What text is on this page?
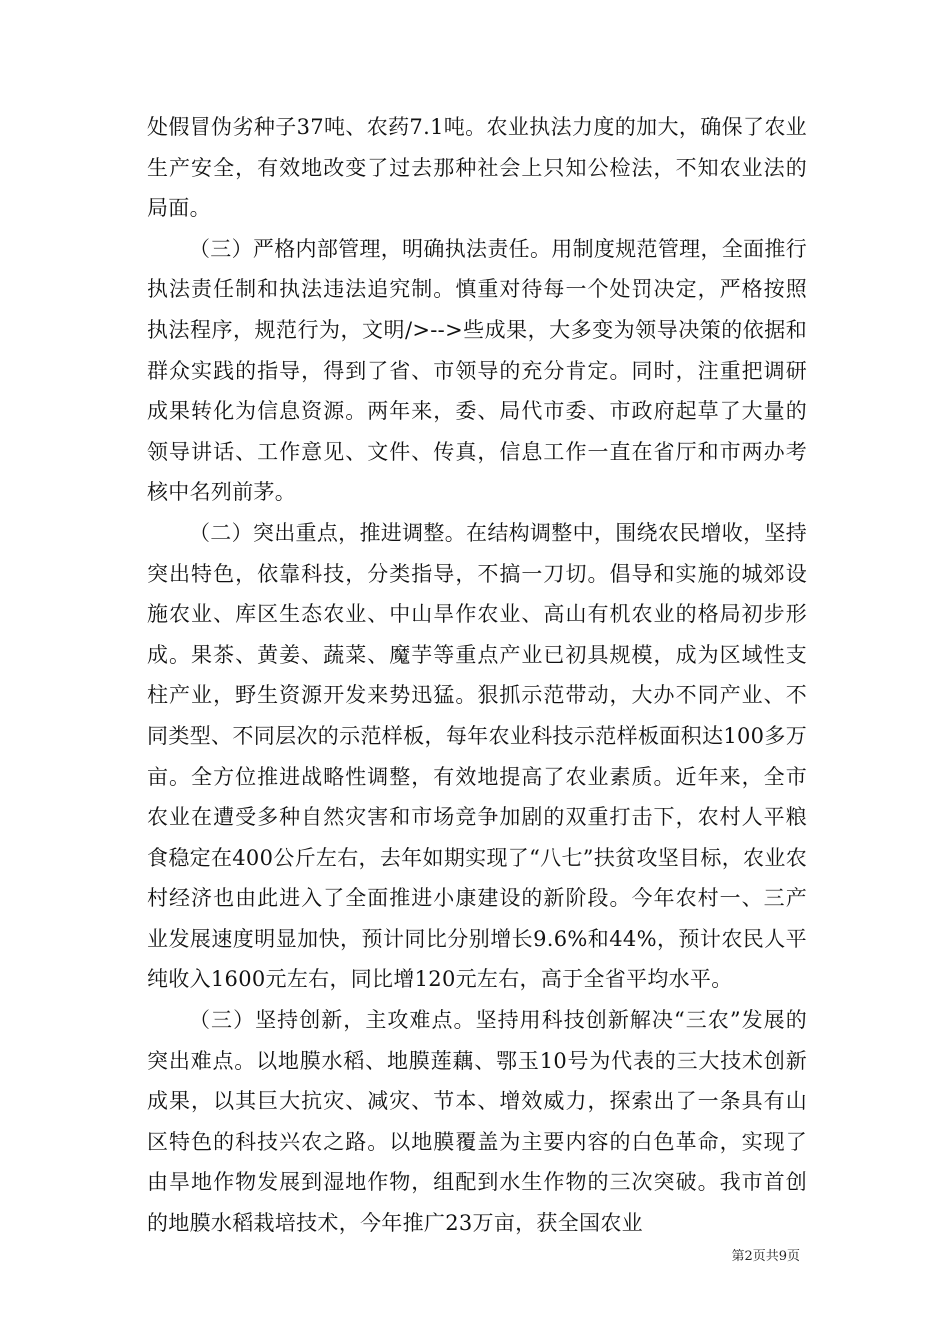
处假冒伪劣种子37吨、农药7.1吨。农业执法力度的加大，确保了农业生产安全，有效地改变了过去那种社会上只知公检法，不知农业法的局面。

（三）严格内部管理，明确执法责任。用制度规范管理，全面推行执法责任制和执法违法追究制。慎重对待每一个处罚决定，严格按照执法程序，规范行为，文明/>-->些成果，大多变为领导决策的依据和群众实践的指导，得到了省、市领导的充分肯定。同时，注重把调研成果转化为信息资源。两年来，委、局代市委、市政府起草了大量的领导讲话、工作意见、文件、传真，信息工作一直在省厅和市两办考核中名列前茅。

（二）突出重点，推进调整。在结构调整中，围绕农民增收，坚持突出特色，依靠科技，分类指导，不搞一刀切。倡导和实施的城郊设施农业、库区生态农业、中山旱作农业、高山有机农业的格局初步形成。果茶、黄姜、蔬菜、魔芋等重点产业已初具规模，成为区域性支柱产业，野生资源开发来势迅猛。狠抓示范带动，大办不同产业、不同类型、不同层次的示范样板，每年农业科技示范样板面积达100多万亩。全方位推进战略性调整，有效地提高了农业素质。近年来，全市农业在遭受多种自然灾害和市场竞争加剧的双重打击下，农村人平粮食稳定在400公斤左右，去年如期实现了“八七”扶贫攻坚目标，农业农村经济也由此进入了全面推进小康建设的新阶段。今年农村一、三产业发展速度明显加快，预计同比分别增长9.6%和44%，预计农民人平纯收入1600元左右，同比增120元左右，高于全省平均水平。

（三）坚持创新，主攻难点。坚持用科技创新解决“三农”发展的突出难点。以地膜水稻、地膜莲藕、鄂玉10号为代表的三大技术创新成果，以其巨大抗灾、减灾、节本、增效威力，探索出了一条具有山区特色的科技兴农之路。以地膜覆盖为主要内容的白色革命，实现了由旱地作物发展到湿地作物，组配到水生作物的三次突破。我市首创的地膜水稻栽培技术，今年推广23万亩，获全国农业

第2页共9页
